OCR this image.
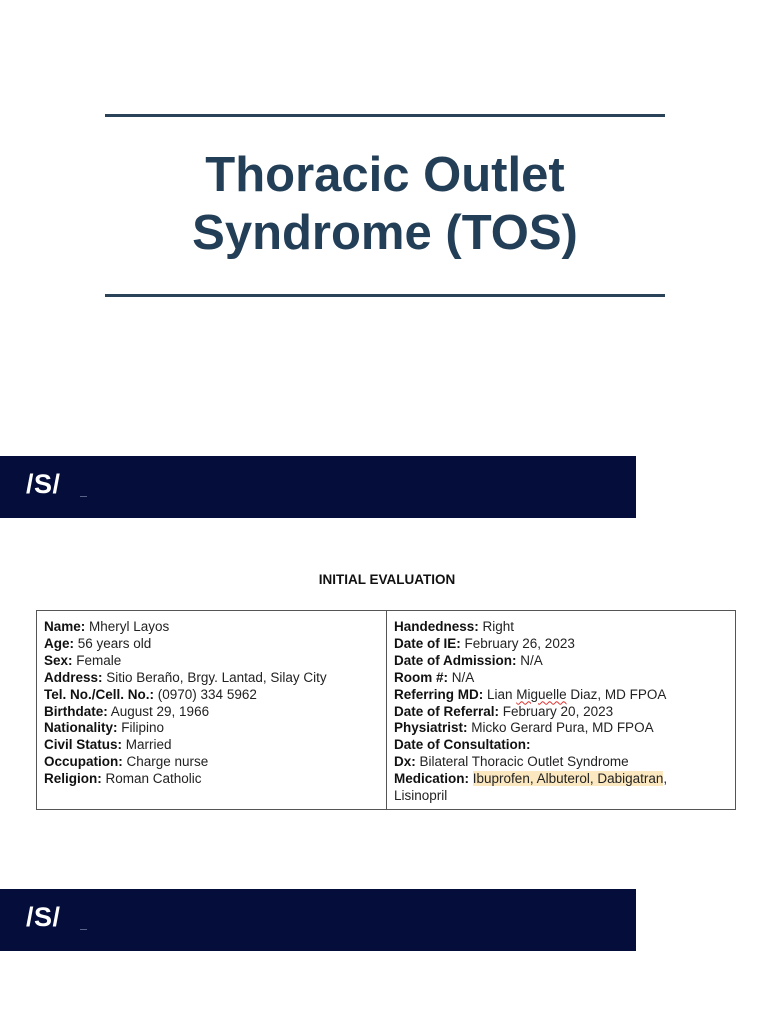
Thoracic Outlet
Syndrome (TOS)
/S/
INITIAL EVALUATION
Name: Mheryl Layos
Age: 56 years old
Sex: Female
Address: Sitio Beraño, Brgy. Lantad, Silay City
Tel. No./Cell. No.: (0970) 334 5962
Birthdate: August 29, 1966
Nationality: Filipino
Civil Status: Married
Occupation: Charge nurse
Religion: Roman Catholic
Handedness: Right
Date of IE: February 26, 2023
Date of Admission: N/A
Room #: N/A
Referring MD: Lian Miguelle Diaz, MD FPOA
Date of Referral: February 20, 2023
Physiatrist: Micko Gerard Pura, MD FPOA
Date of Consultation:
Dx: Bilateral Thoracic Outlet Syndrome
Medication: Ibuprofen, Albuterol, Dabigatran,
Lisinopril
/S/
